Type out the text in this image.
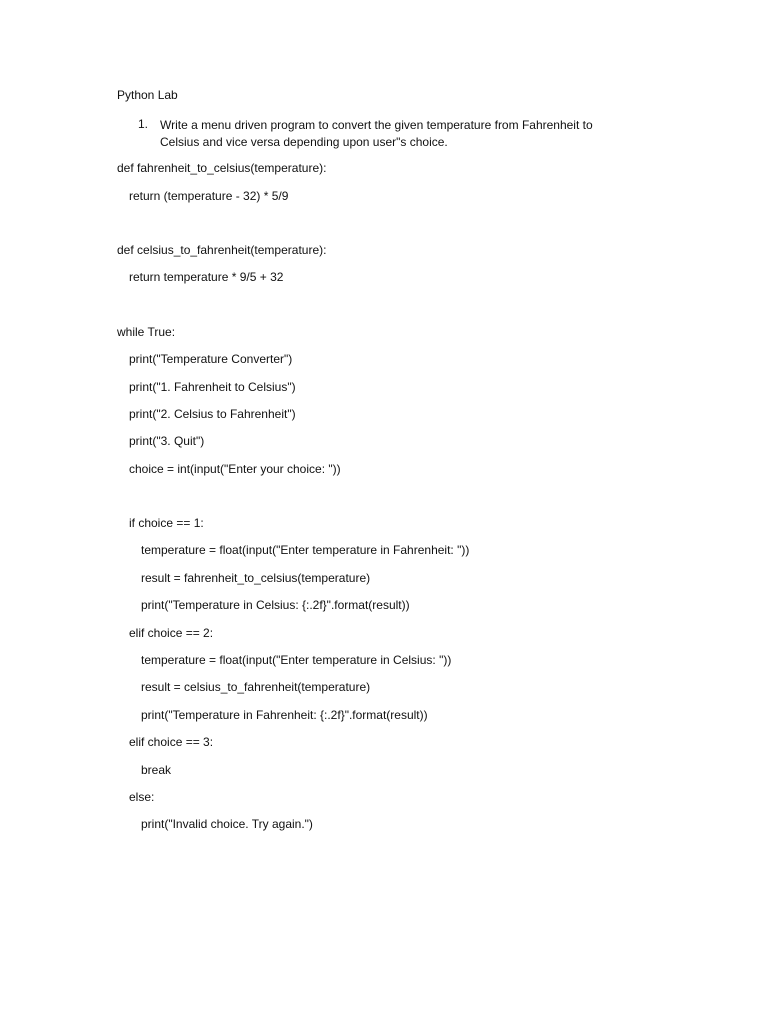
Python Lab
1. Write a menu driven program to convert the given temperature from Fahrenheit to
Celsius and vice versa depending upon user"s choice.
def fahrenheit_to_celsius(temperature):
return (temperature - 32) * 5/9
def celsius_to_fahrenheit(temperature):
return temperature * 9/5 + 32
while True:
print("Temperature Converter")
print("1. Fahrenheit to Celsius")
print("2. Celsius to Fahrenheit")
print("3. Quit")
choice = int(input("Enter your choice: "))
if choice == 1:
temperature = float(input("Enter temperature in Fahrenheit: "))
result = fahrenheit_to_celsius(temperature)
print("Temperature in Celsius: {:.2f}".format(result))
elif choice == 2:
temperature = float(input("Enter temperature in Celsius: "))
result = celsius_to_fahrenheit(temperature)
print("Temperature in Fahrenheit: {:.2f}".format(result))
elif choice == 3:
break
else:
print("Invalid choice. Try again.")
